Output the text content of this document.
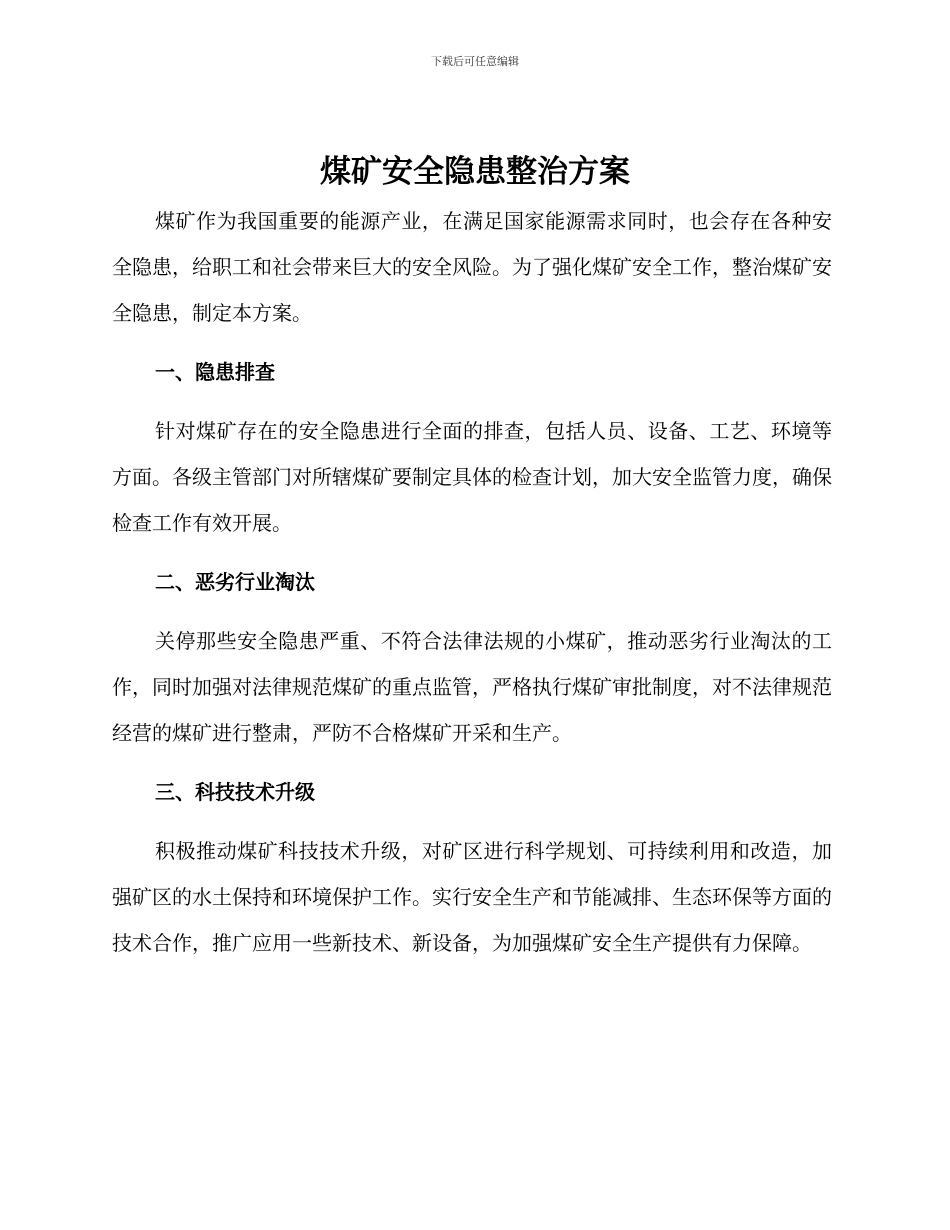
下载后可任意编辑
煤矿安全隐患整治方案

煤矿作为我国重要的能源产业，在满足国家能源需求同时，也会存在各种安全隐患，给职工和社会带来巨大的安全风险。为了强化煤矿安全工作，整治煤矿安全隐患，制定本方案。

一、隐患排查

针对煤矿存在的安全隐患进行全面的排查，包括人员、设备、工艺、环境等方面。各级主管部门对所辖煤矿要制定具体的检查计划，加大安全监管力度，确保检查工作有效开展。

二、恶劣行业淘汰

关停那些安全隐患严重、不符合法律法规的小煤矿，推动恶劣行业淘汰的工作，同时加强对法律规范煤矿的重点监管，严格执行煤矿审批制度，对不法律规范经营的煤矿进行整肃，严防不合格煤矿开采和生产。

三、科技技术升级

积极推动煤矿科技技术升级，对矿区进行科学规划、可持续利用和改造，加强矿区的水土保持和环境保护工作。实行安全生产和节能减排、生态环保等方面的技术合作，推广应用一些新技术、新设备，为加强煤矿安全生产提供有力保障。
